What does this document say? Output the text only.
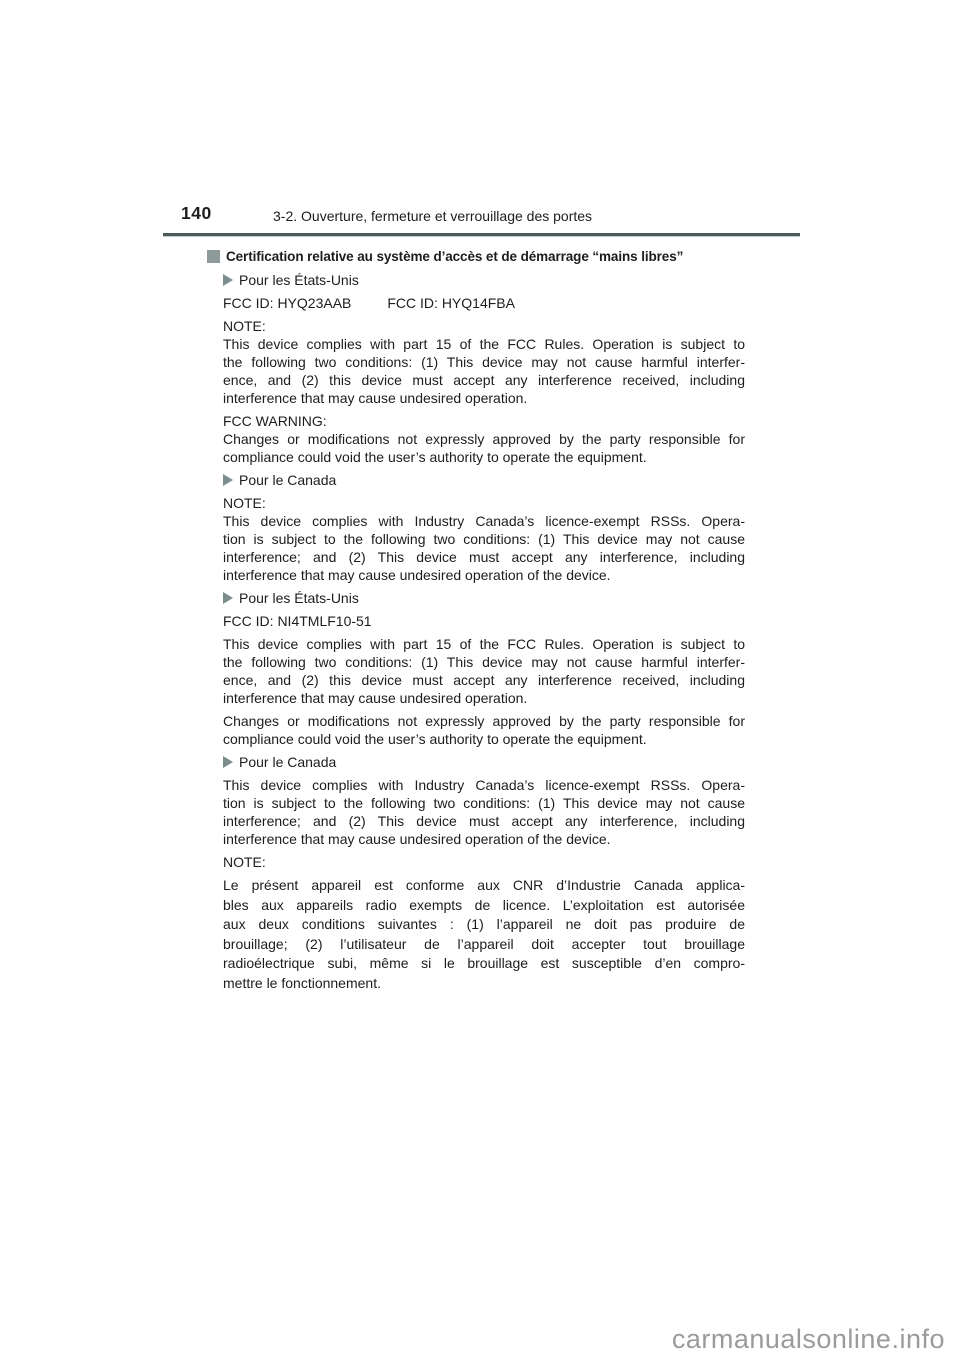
140	3-2. Ouverture, fermeture et verrouillage des portes
Certification relative au système d’accès et de démarrage “mains libres”
Pour les États-Unis
FCC ID: HYQ23AAB	FCC ID: HYQ14FBA
NOTE:
This device complies with part 15 of the FCC Rules. Operation is subject to
the following two conditions: (1) This device may not cause harmful interfer-
ence, and (2) this device must accept any interference received, including
interference that may cause undesired operation.
FCC WARNING:
Changes or modifications not expressly approved by the party responsible for
compliance could void the user’s authority to operate the equipment.
Pour le Canada
NOTE:
This device complies with Industry Canada’s licence-exempt RSSs. Opera-
tion is subject to the following two conditions: (1) This device may not cause
interference; and (2) This device must accept any interference, including
interference that may cause undesired operation of the device.
Pour les États-Unis
FCC ID: NI4TMLF10-51
This device complies with part 15 of the FCC Rules. Operation is subject to
the following two conditions: (1) This device may not cause harmful interfer-
ence, and (2) this device must accept any interference received, including
interference that may cause undesired operation.
Changes or modifications not expressly approved by the party responsible for
compliance could void the user’s authority to operate the equipment.
Pour le Canada
This device complies with Industry Canada’s licence-exempt RSSs. Opera-
tion is subject to the following two conditions: (1) This device may not cause
interference; and (2) This device must accept any interference, including
interference that may cause undesired operation of the device.
NOTE:
Le présent appareil est conforme aux CNR d’Industrie Canada applica-
bles aux appareils radio exempts de licence. L’exploitation est autorisée
aux deux conditions suivantes : (1) l’appareil ne doit pas produire de
brouillage; (2) l’utilisateur de l’appareil doit accepter tout brouillage
radioélectrique subi, même si le brouillage est susceptible d’en compro-
mettre le fonctionnement.
carmanualsonline.info
